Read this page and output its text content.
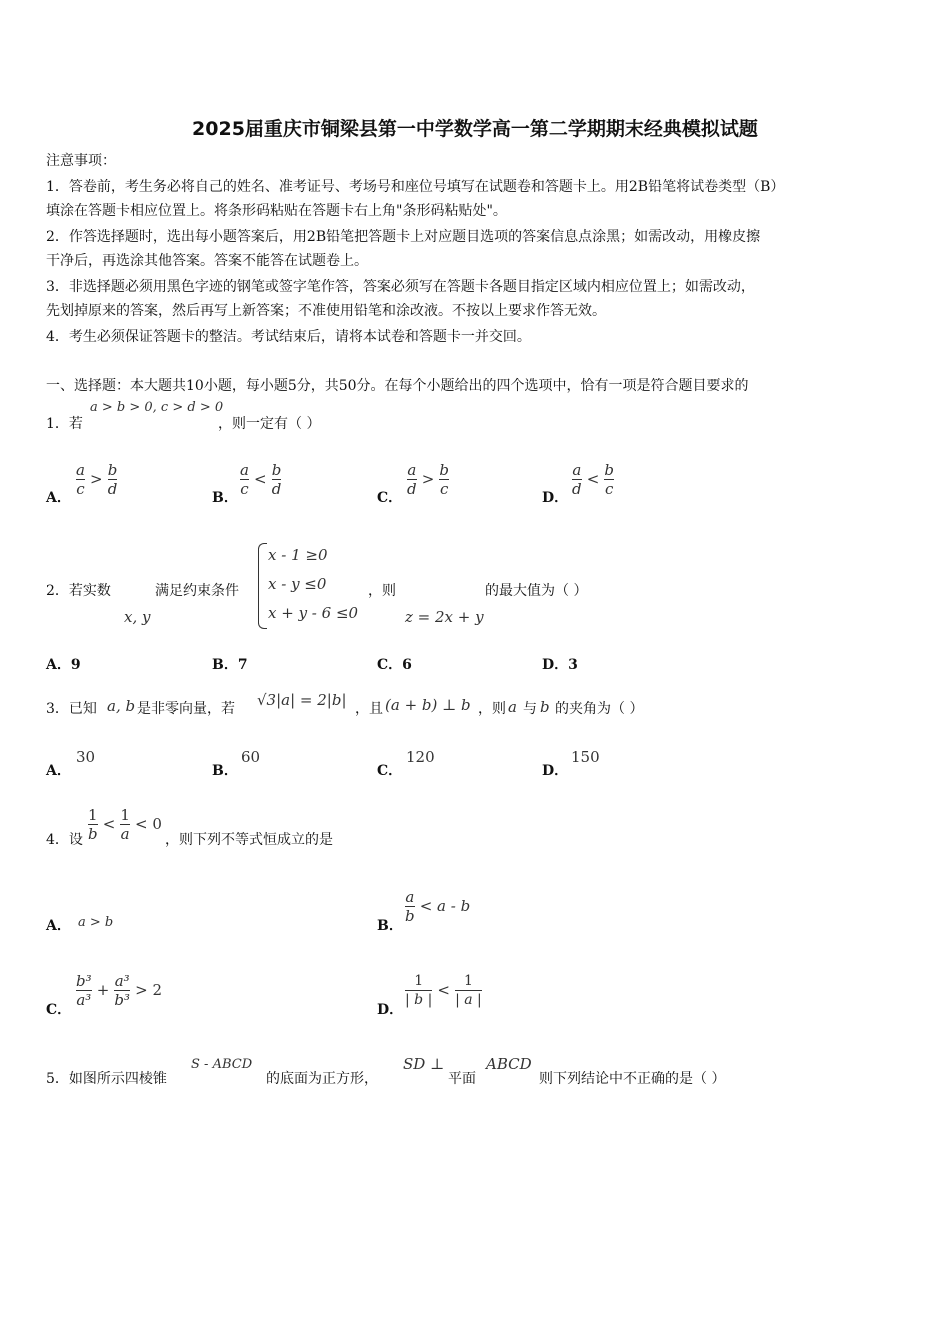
2025届重庆市铜梁县第一中学数学高一第二学期期末经典模拟试题
注意事项：
1．答卷前，考生务必将自己的姓名、准考证号、考场号和座位号填写在试题卷和答题卡上。用2B铅笔将试卷类型（B）
填涂在答题卡相应位置上。将条形码粘贴在答题卡右上角"条形码粘贴处"。
2．作答选择题时，选出每小题答案后，用2B铅笔把答题卡上对应题目选项的答案信息点涂黑；如需改动，用橡皮擦
干净后，再选涂其他答案。答案不能答在试题卷上。
3．非选择题必须用黑色字迹的钢笔或签字笔作答，答案必须写在答题卡各题目指定区域内相应位置上；如需改动，
先划掉原来的答案，然后再写上新答案；不准使用铅笔和涂改液。不按以上要求作答无效。
4．考生必须保证答题卡的整洁。考试结束后，请将本试卷和答题卡一并交回。
一、选择题：本大题共10小题，每小题5分，共50分。在每个小题给出的四个选项中，恰有一项是符合题目要求的
1．若
a > b > 0, c > d > 0
，则一定有（ ）
A． $\frac{a}{c} > \frac{b}{d}$	B． $\frac{a}{c} < \frac{b}{d}$	C． $\frac{a}{d} > \frac{b}{c}$	D． $\frac{a}{d} < \frac{b}{c}$
2．若实数
x, y
满足约束条件
x - 1 ≥0
x - y ≤0
x + y - 6 ≤0
，则
z = 2x + y
的最大值为（ ）
A．9	B．7	C．6	D．3
3．已知 a, b 是非零向量，若 √3|a| = 2|b| ，且 (a + b) ⊥ b ，则 a 与 b 的夹角为（ ）
A．
30
B．
60
C．
120
D．
150
4．设 $\frac{1}{b} < \frac{1}{a} < 0$
，则下列不等式恒成立的是
A． a > b	B．
$\frac{a}{b} < a - b$
C．
$\frac{\text{b³}}{\text{a³}} + \frac{\text{a³}}{\text{b³}} > 2$
D．
$\frac{1}{| b |} < \frac{1}{| a |}$
5．如图所示四棱锥
S - ABCD
的底面为正方形，
SD ⊥
平面
ABCD
则下列结论中不正确的是（ ）
